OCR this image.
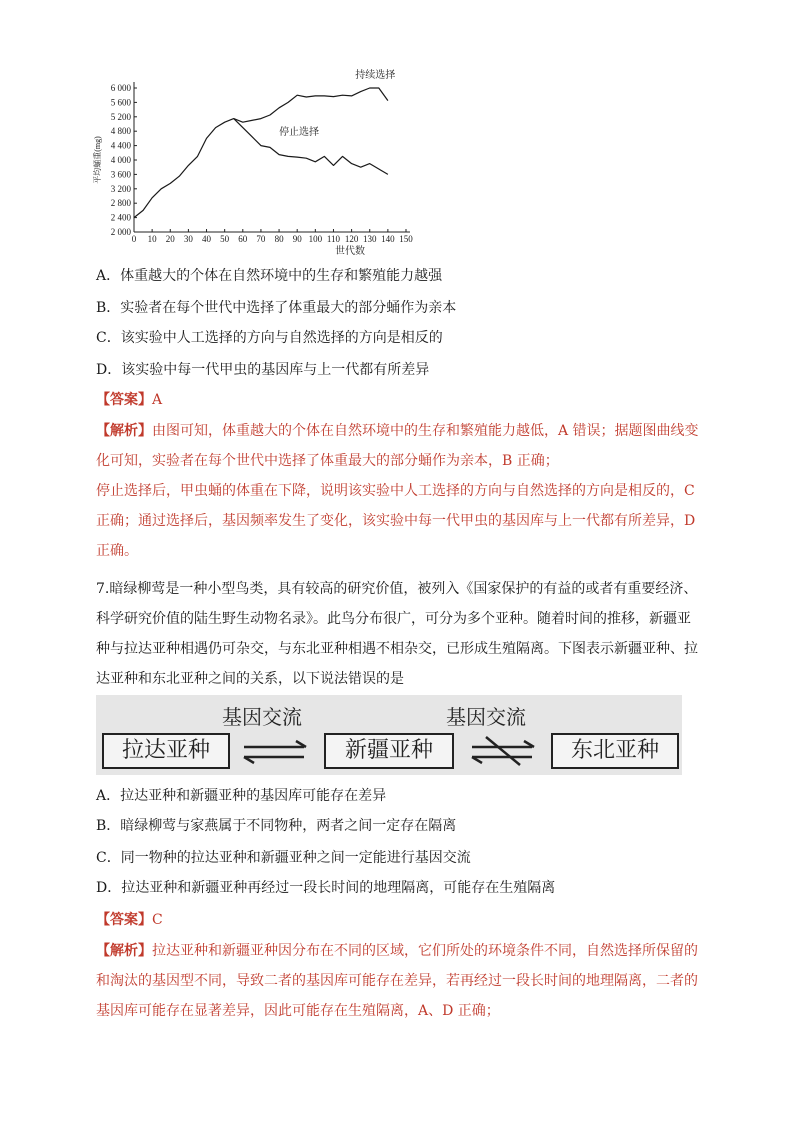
0 10 20 30 40 50 60 70 80 90 100 110 120 130 140 150
2 000
2 400
2 800
3 200
3 600
4 000
4 400
4 800
5 200
5 600
6 000
世代数
平均蛹重(mg)
持续选择
停止选择
A．体重越大的个体在自然环境中的生存和繁殖能力越强
B．实验者在每个世代中选择了体重最大的部分蛹作为亲本
C．该实验中人工选择的方向与自然选择的方向是相反的
D．该实验中每一代甲虫的基因库与上一代都有所差异
【答案】A
【解析】由图可知，体重越大的个体在自然环境中的生存和繁殖能力越低，A 错误；据题图曲线变
化可知，实验者在每个世代中选择了体重最大的部分蛹作为亲本，B 正确；
停止选择后，甲虫蛹的体重在下降，说明该实验中人工选择的方向与自然选择的方向是相反的，C
正确；通过选择后，基因频率发生了变化，该实验中每一代甲虫的基因库与上一代都有所差异，D
正确。
7.暗绿柳莺是一种小型鸟类，具有较高的研究价值，被列入《国家保护的有益的或者有重要经济、
科学研究价值的陆生野生动物名录》。此鸟分布很广，可分为多个亚种。随着时间的推移，新疆亚
种与拉达亚种相遇仍可杂交，与东北亚种相遇不相杂交，已形成生殖隔离。下图表示新疆亚种、拉
达亚种和东北亚种之间的关系，以下说法错误的是
基因交流	基因交流
拉达亚种	新疆亚种	东北亚种
A．拉达亚种和新疆亚种的基因库可能存在差异
B．暗绿柳莺与家燕属于不同物种，两者之间一定存在隔离
C．同一物种的拉达亚种和新疆亚种之间一定能进行基因交流
D．拉达亚种和新疆亚种再经过一段长时间的地理隔离，可能存在生殖隔离
【答案】C
【解析】拉达亚种和新疆亚种因分布在不同的区域，它们所处的环境条件不同，自然选择所保留的
和淘汰的基因型不同，导致二者的基因库可能存在差异，若再经过一段长时间的地理隔离，二者的
基因库可能存在显著差异，因此可能存在生殖隔离，A、D 正确；
